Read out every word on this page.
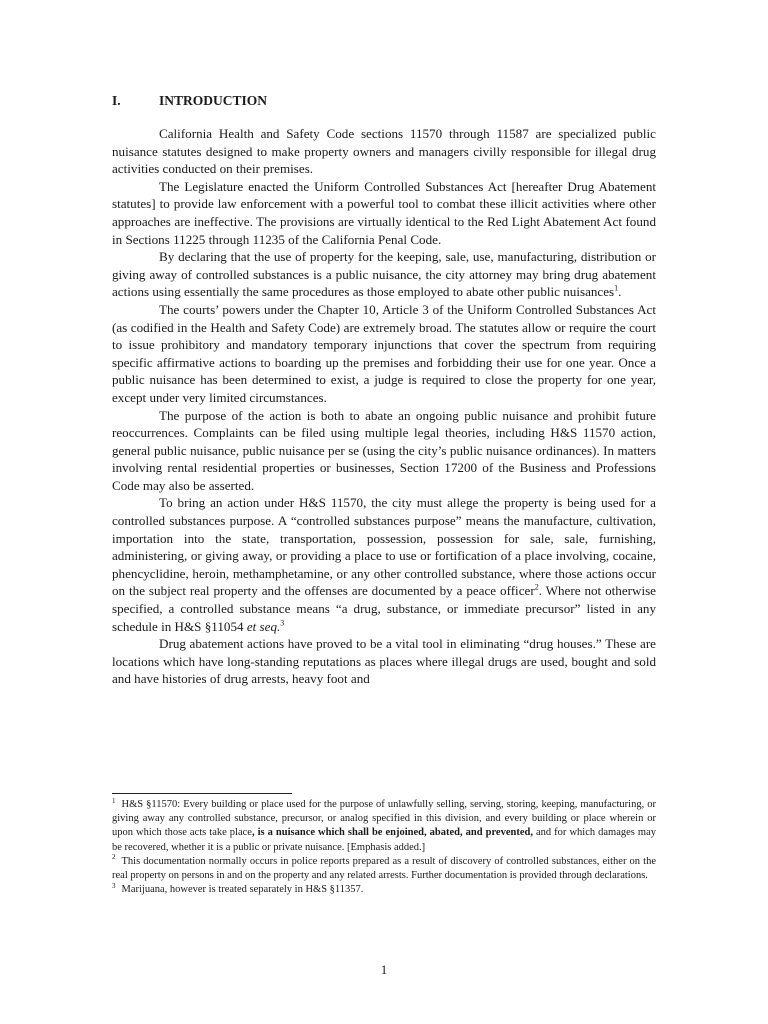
I.	INTRODUCTION

California Health and Safety Code sections 11570 through 11587 are specialized public nuisance statutes designed to make property owners and managers civilly responsible for illegal drug activities conducted on their premises.

The Legislature enacted the Uniform Controlled Substances Act [hereafter Drug Abatement statutes] to provide law enforcement with a powerful tool to combat these illicit activities where other approaches are ineffective. The provisions are virtually identical to the Red Light Abatement Act found in Sections 11225 through 11235 of the California Penal Code.

By declaring that the use of property for the keeping, sale, use, manufacturing, distribution or giving away of controlled substances is a public nuisance, the city attorney may bring drug abatement actions using essentially the same procedures as those employed to abate other public nuisances$^1$.

The courts’ powers under the Chapter 10, Article 3 of the Uniform Controlled Substances Act (as codified in the Health and Safety Code) are extremely broad. The statutes allow or require the court to issue prohibitory and mandatory temporary injunctions that cover the spectrum from requiring specific affirmative actions to boarding up the premises and forbidding their use for one year. Once a public nuisance has been determined to exist, a judge is required to close the property for one year, except under very limited circumstances.

The purpose of the action is both to abate an ongoing public nuisance and prohibit future reoccurrences. Complaints can be filed using multiple legal theories, including H&S 11570 action, general public nuisance, public nuisance per se (using the city’s public nuisance ordinances). In matters involving rental residential properties or businesses, Section 17200 of the Business and Professions Code may also be asserted.

To bring an action under H&S 11570, the city must allege the property is being used for a controlled substances purpose. A “controlled substances purpose” means the manufacture, cultivation, importation into the state, transportation, possession, possession for sale, sale, furnishing, administering, or giving away, or providing a place to use or fortification of a place involving, cocaine, phencyclidine, heroin, methamphetamine, or any other controlled substance, where those actions occur on the subject real property and the offenses are documented by a peace officer$^2$. Where not otherwise specified, a controlled substance means “a drug, substance, or immediate precursor” listed in any schedule in H&S §11054 et seq.$^3$

Drug abatement actions have proved to be a vital tool in eliminating “drug houses.” These are locations which have long-standing reputations as places where illegal drugs are used, bought and sold and have histories of drug arrests, heavy foot and

$^1$ H&S §11570: Every building or place used for the purpose of unlawfully selling, serving, storing, keeping, manufacturing, or giving away any controlled substance, precursor, or analog specified in this division, and every building or place wherein or upon which those acts take place, is a nuisance which shall be enjoined, abated, and prevented, and for which damages may be recovered, whether it is a public or private nuisance. [Emphasis added.]

$^2$ This documentation normally occurs in police reports prepared as a result of discovery of controlled substances, either on the real property on persons in and on the property and any related arrests. Further documentation is provided through declarations.

$^3$ Marijuana, however is treated separately in H&S §11357.

1
